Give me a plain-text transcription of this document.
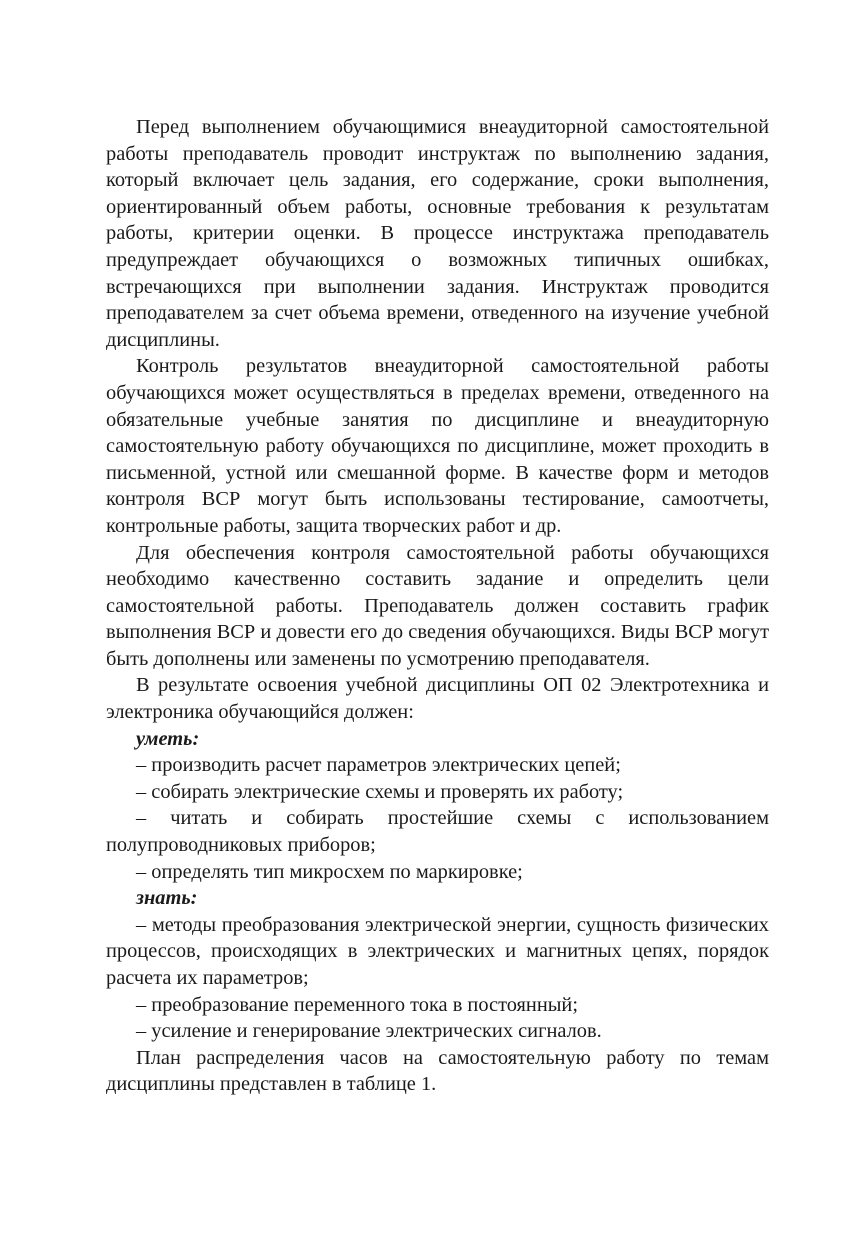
Перед выполнением обучающимися внеаудиторной самостоятельной работы преподаватель проводит инструктаж по выполнению задания, который включает цель задания, его содержание, сроки выполнения, ориентированный объем работы, основные требования к результатам работы, критерии оценки. В процессе инструктажа преподаватель предупреждает обучающихся о возможных типичных ошибках, встречающихся при выполнении задания. Инструктаж проводится преподавателем за счет объема времени, отведенного на изучение учебной дисциплины.

Контроль результатов внеаудиторной самостоятельной работы обучающихся может осуществляться в пределах времени, отведенного на обязательные учебные занятия по дисциплине и внеаудиторную самостоятельную работу обучающихся по дисциплине, может проходить в письменной, устной или смешанной форме. В качестве форм и методов контроля ВСР могут быть использованы тестирование, самоотчеты, контрольные работы, защита творческих работ и др.

Для обеспечения контроля самостоятельной работы обучающихся необходимо качественно составить задание и определить цели самостоятельной работы. Преподаватель должен составить график выполнения ВСР и довести его до сведения обучающихся. Виды ВСР могут быть дополнены или заменены по усмотрению преподавателя.

В результате освоения учебной дисциплины ОП 02 Электротехника и электроника обучающийся должен:

уметь:

– производить расчет параметров электрических цепей;

– собирать электрические схемы и проверять их работу;

– читать и собирать простейшие схемы с использованием полупроводниковых приборов;

– определять тип микросхем по маркировке;

знать:

– методы преобразования электрической энергии, сущность физических процессов, происходящих в электрических и магнитных цепях, порядок расчета их параметров;

– преобразование переменного тока в постоянный;

– усиление и генерирование электрических сигналов.

План распределения часов на самостоятельную работу по темам дисциплины представлен в таблице 1.
